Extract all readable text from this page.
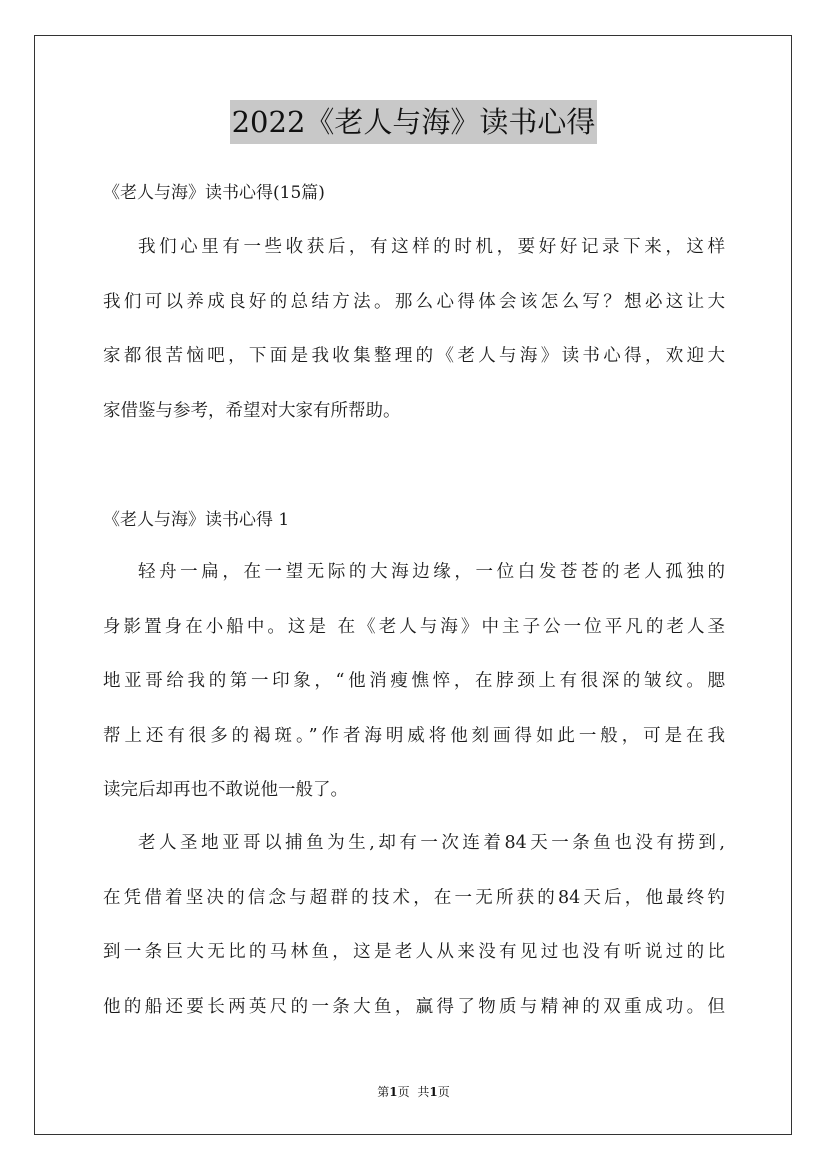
2022《老人与海》读书心得
《老人与海》读书心得(15篇)
我们心里有一些收获后，有这样的时机，要好好记录下来，这样
我们可以养成良好的总结方法。那么心得体会该怎么写？想必这让大
家都很苦恼吧，下面是我收集整理的《老人与海》读书心得，欢迎大
家借鉴与参考，希望对大家有所帮助。
《老人与海》读书心得 1
轻舟一扁，在一望无际的大海边缘，一位白发苍苍的老人孤独的
身影置身在小船中。这是 在《老人与海》中主子公一位平凡的老人圣
地亚哥给我的第一印象，“他消瘦憔悴，在脖颈上有很深的皱纹。腮
帮上还有很多的褐斑。”作者海明威将他刻画得如此一般，可是在我
读完后却再也不敢说他一般了。
老人圣地亚哥以捕鱼为生,却有一次连着84天一条鱼也没有捞到,
在凭借着坚决的信念与超群的技术，在一无所获的84天后，他最终钓
到一条巨大无比的马林鱼，这是老人从来没有见过也没有听说过的比
他的船还要长两英尺的一条大鱼，赢得了物质与精神的双重成功。但
第1页 共1页
